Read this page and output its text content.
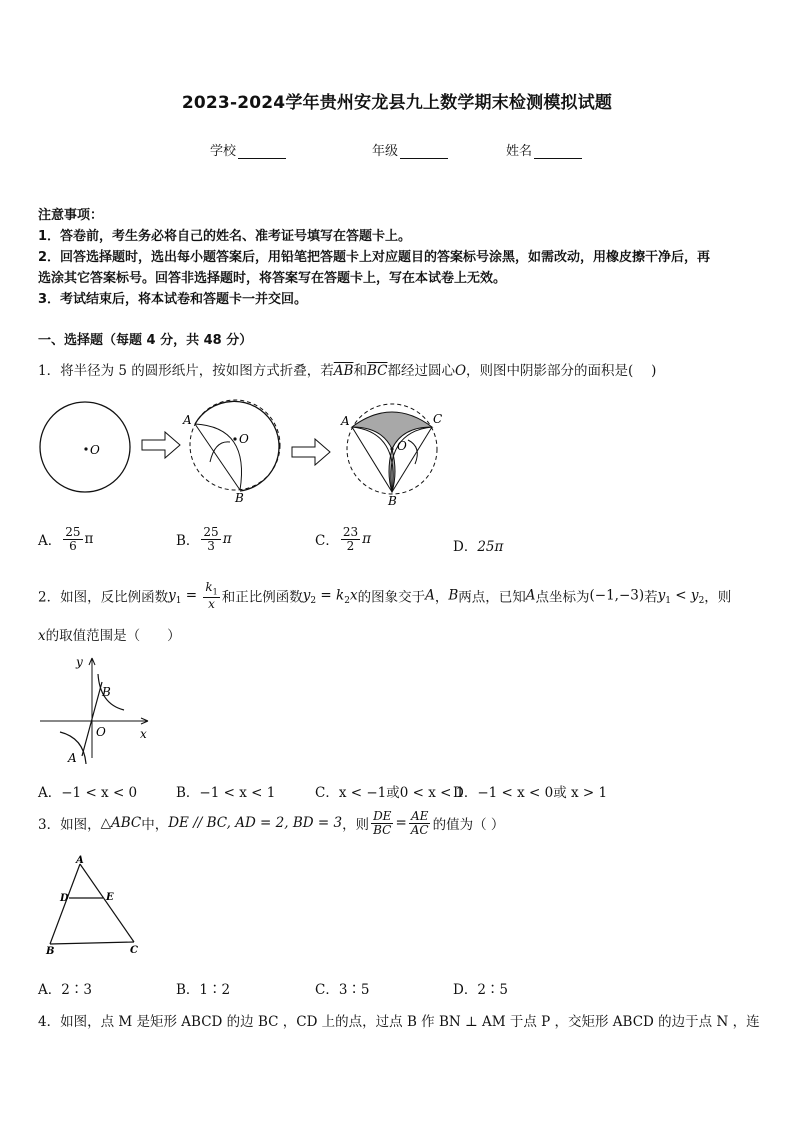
2023-2024学年贵州安龙县九上数学期末检测模拟试题
学校	年级	姓名
注意事项：
1．答卷前，考生务必将自己的姓名、准考证号填写在答题卡上。
2．回答选择题时，选出每小题答案后，用铅笔把答题卡上对应题目的答案标号涂黑，如需改动，用橡皮擦干净后，再
选涂其它答案标号。回答非选择题时，将答案写在答题卡上，写在本试卷上无效。
3．考试结束后，将本试卷和答题卡一并交回。
一、选择题（每题 4 分，共 48 分）
1．将半径为 5 的圆形纸片，按如图方式折叠，若$\overline{AB}$和$\overline{BC}$都经过圆心O，则图中阴影部分的面积是(　 )
O
A
O
B
A	C
O
B
A． $\frac{25}{6}$ π	B． $\frac{25}{3}$ π	C． $\frac{23}{2}$ π	D．25π
2．如图，反比例函数$y_1 = \frac{k_1}{x}$ 和正比例函数$y_2 = k_2x$的图象交于A，B两点，已知A点坐标为(−1,−3)若$y_1 < y_2$，则
x的取值范围是（　　）
y
x
O
B
A
A．−1 < x < 0	B．−1 < x < 1	C．x < −1或0 < x < 1
D．−1 < x < 0或 x > 1
3．如图，△ABC中，DE // BC, AD = 2, BD = 3，则 $\frac{DE}{BC} = \frac{AE}{AC}$ 的值为（ ）
A
D	E
B	C
A．2∶3	B．1∶2	C．3∶5	D．2∶5
4．如图，点 M 是矩形 ABCD 的边 BC ，CD 上的点，过点 B 作 BN ⊥ AM 于点 P ，交矩形 ABCD 的边于点 N ，连
